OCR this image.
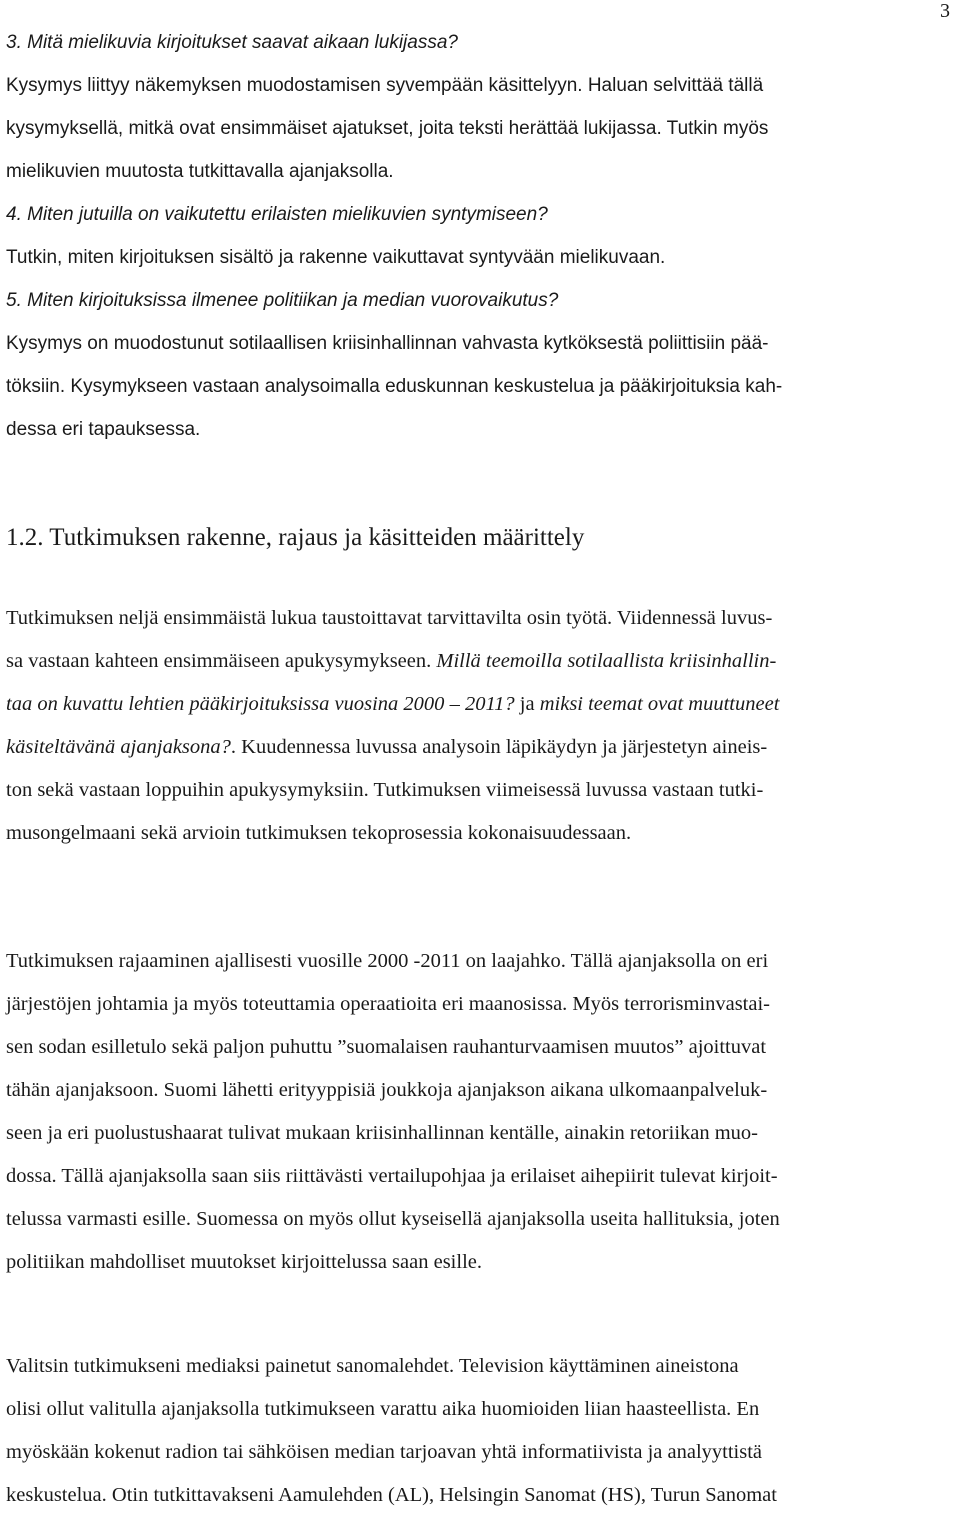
3

3. Mitä mielikuvia kirjoitukset saavat aikaan lukijassa?

Kysymys liittyy näkemyksen muodostamisen syvempään käsittelyyn. Haluan selvittää tällä

kysymyksellä, mitkä ovat ensimmäiset ajatukset, joita teksti herättää lukijassa. Tutkin myös

mielikuvien muutosta tutkittavalla ajanjaksolla.

4. Miten jutuilla on vaikutettu erilaisten mielikuvien syntymiseen?

Tutkin, miten kirjoituksen sisältö ja rakenne vaikuttavat syntyvään mielikuvaan.

5. Miten kirjoituksissa ilmenee politiikan ja median vuorovaikutus?

Kysymys on muodostunut sotilaallisen kriisinhallinnan vahvasta kytköksestä poliittisiin pää-

töksiin. Kysymykseen vastaan analysoimalla eduskunnan keskustelua ja pääkirjoituksia kah-

dessa eri tapauksessa.

1.2. Tutkimuksen rakenne, rajaus ja käsitteiden määrittely
Tutkimuksen neljä ensimmäistä lukua taustoittavat tarvittavilta osin työtä. Viidennessä luvus-
sa vastaan kahteen ensimmäiseen apukysymykseen. Millä teemoilla sotilaallista kriisinhallin-
taa on kuvattu lehtien pääkirjoituksissa vuosina 2000 – 2011? ja miksi teemat ovat muuttuneet
käsiteltävänä ajanjaksona?. Kuudennessa luvussa analysoin läpikäydyn ja järjestetyn aineis-
ton sekä vastaan loppuihin apukysymyksiin. Tutkimuksen viimeisessä luvussa vastaan tutki-
musongelmaani sekä arvioin tutkimuksen tekoprosessia kokonaisuudessaan.
Tutkimuksen rajaaminen ajallisesti vuosille 2000 -2011 on laajahko. Tällä ajanjaksolla on eri
järjestöjen johtamia ja myös toteuttamia operaatioita eri maanosissa. Myös terrorisminvastai-
sen sodan esilletulo sekä paljon puhuttu ”suomalaisen rauhanturvaamisen muutos” ajoittuvat
tähän ajanjaksoon. Suomi lähetti erityyppisiä joukkoja ajanjakson aikana ulkomaanpalveluk-
seen ja eri puolustushaarat tulivat mukaan kriisinhallinnan kentälle, ainakin retoriikan muo-
dossa. Tällä ajanjaksolla saan siis riittävästi vertailupohjaa ja erilaiset aihepiirit tulevat kirjoit-
telussa varmasti esille. Suomessa on myös ollut kyseisellä ajanjaksolla useita hallituksia, joten
politiikan mahdolliset muutokset kirjoittelussa saan esille.
Valitsin tutkimukseni mediaksi painetut sanomalehdet. Television käyttäminen aineistona
olisi ollut valitulla ajanjaksolla tutkimukseen varattu aika huomioiden liian haasteellista. En
myöskään kokenut radion tai sähköisen median tarjoavan yhtä informatiivista ja analyyttistä
keskustelua. Otin tutkittavakseni Aamulehden (AL), Helsingin Sanomat (HS), Turun Sanomat
